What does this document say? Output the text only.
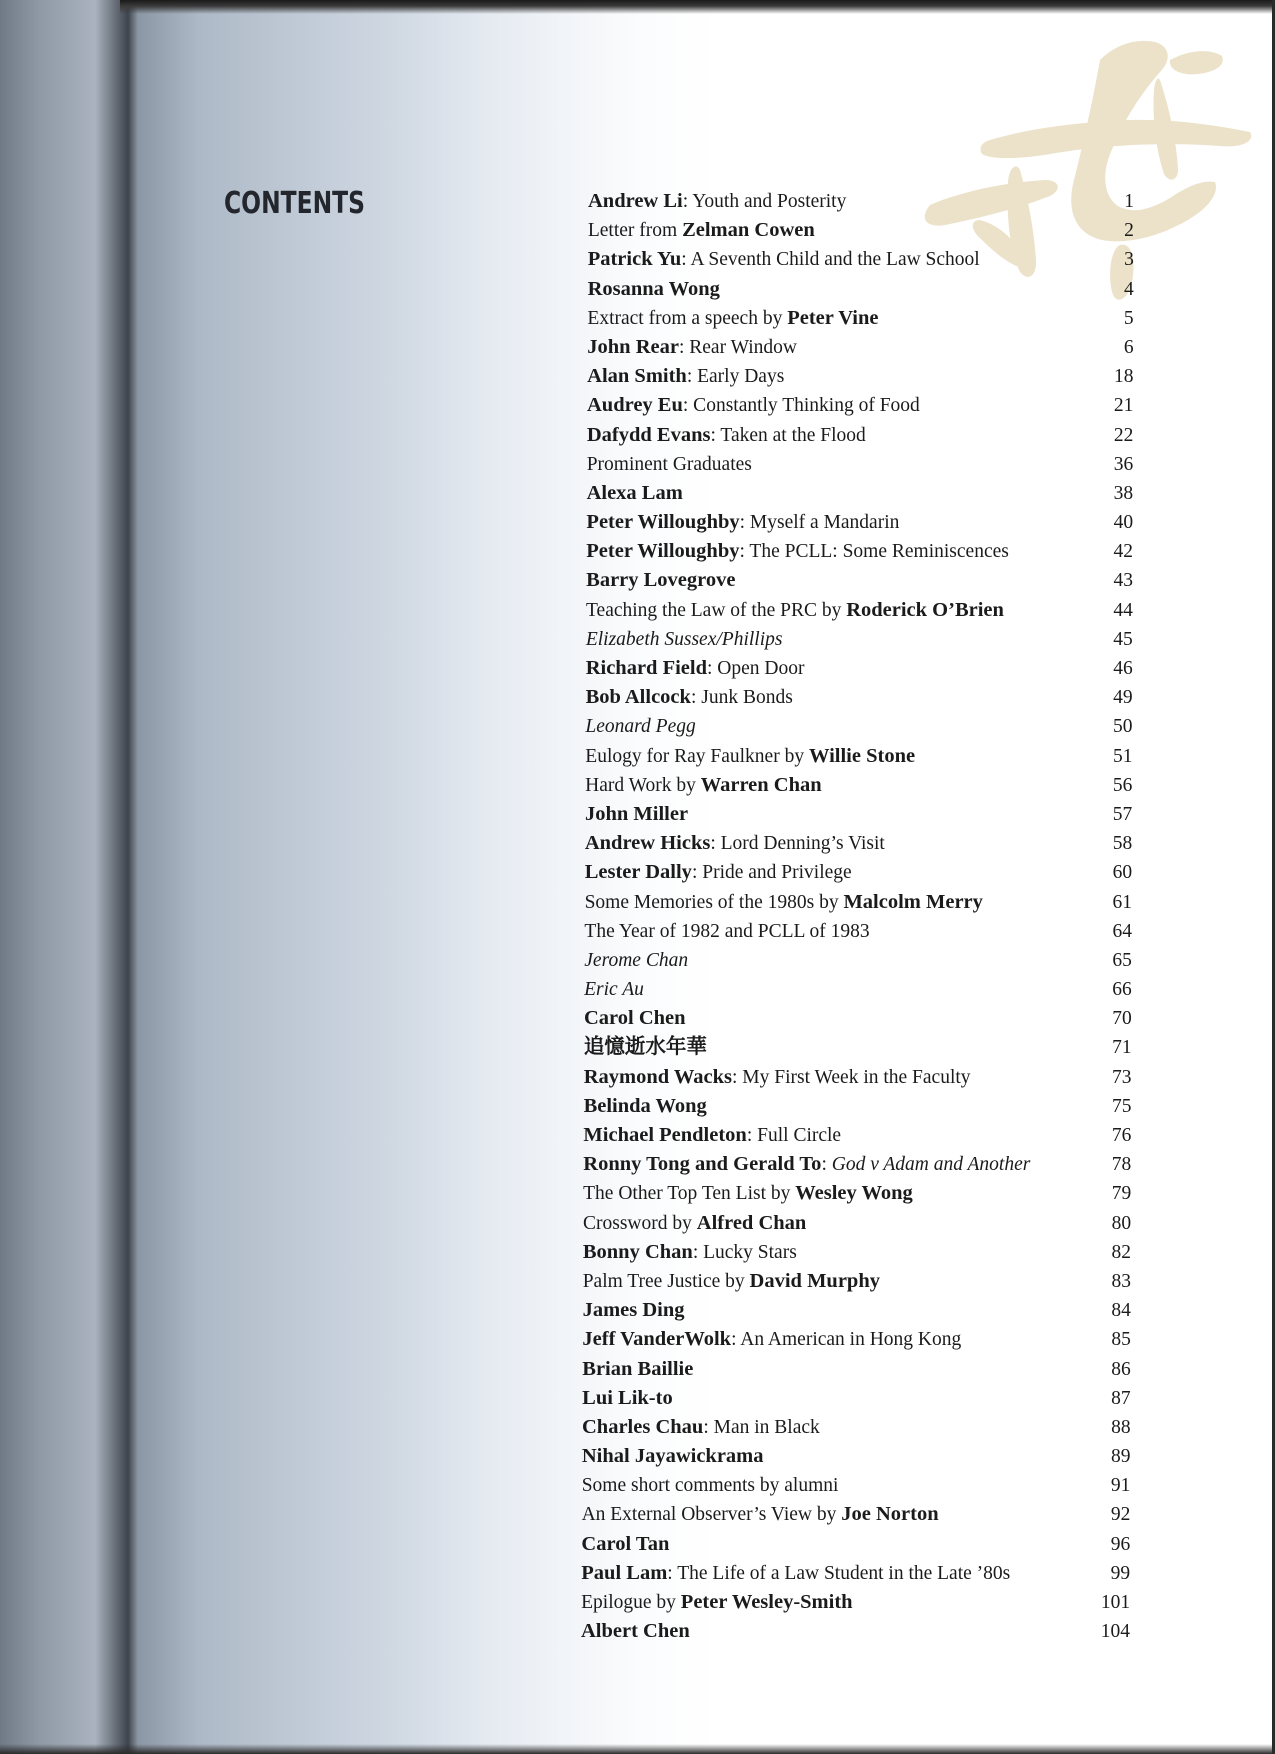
CONTENTS	Andrew Li: Youth and Posterity	1
Letter from Zelman Cowen	2
Patrick Yu: A Seventh Child and the Law School	3
Rosanna Wong	4
Extract from a speech by Peter Vine	5
John Rear: Rear Window	6
Alan Smith: Early Days	18
Audrey Eu: Constantly Thinking of Food	21
Dafydd Evans: Taken at the Flood	22
Prominent Graduates	36
Alexa Lam	38
Peter Willoughby: Myself a Mandarin	40
Peter Willoughby: The PCLL: Some Reminiscences	42
Barry Lovegrove	43
Teaching the Law of the PRC by Roderick O’Brien	44
Elizabeth Sussex/Phillips	45
Richard Field: Open Door	46
Bob Allcock: Junk Bonds	49
Leonard Pegg	50
Eulogy for Ray Faulkner by Willie Stone	51
Hard Work by Warren Chan	56
John Miller	57
Andrew Hicks: Lord Denning’s Visit	58
Lester Dally: Pride and Privilege	60
Some Memories of the 1980s by Malcolm Merry	61
The Year of 1982 and PCLL of 1983	64
Jerome Chan	65
Eric Au	66
Carol Chen	70
追憶逝水年華	71
Raymond Wacks: My First Week in the Faculty	73
Belinda Wong	75
Michael Pendleton: Full Circle	76
Ronny Tong and Gerald To: God v Adam and Another	78
The Other Top Ten List by Wesley Wong	79
Crossword by Alfred Chan	80
Bonny Chan: Lucky Stars	82
Palm Tree Justice by David Murphy	83
James Ding	84
Jeff VanderWolk: An American in Hong Kong	85
Brian Baillie	86
Lui Lik-to	87
Charles Chau: Man in Black	88
Nihal Jayawickrama	89
Some short comments by alumni	91
An External Observer’s View by Joe Norton	92
Carol Tan	96
Paul Lam: The Life of a Law Student in the Late ’80s	99
Epilogue by Peter Wesley-Smith	101
Albert Chen	104
